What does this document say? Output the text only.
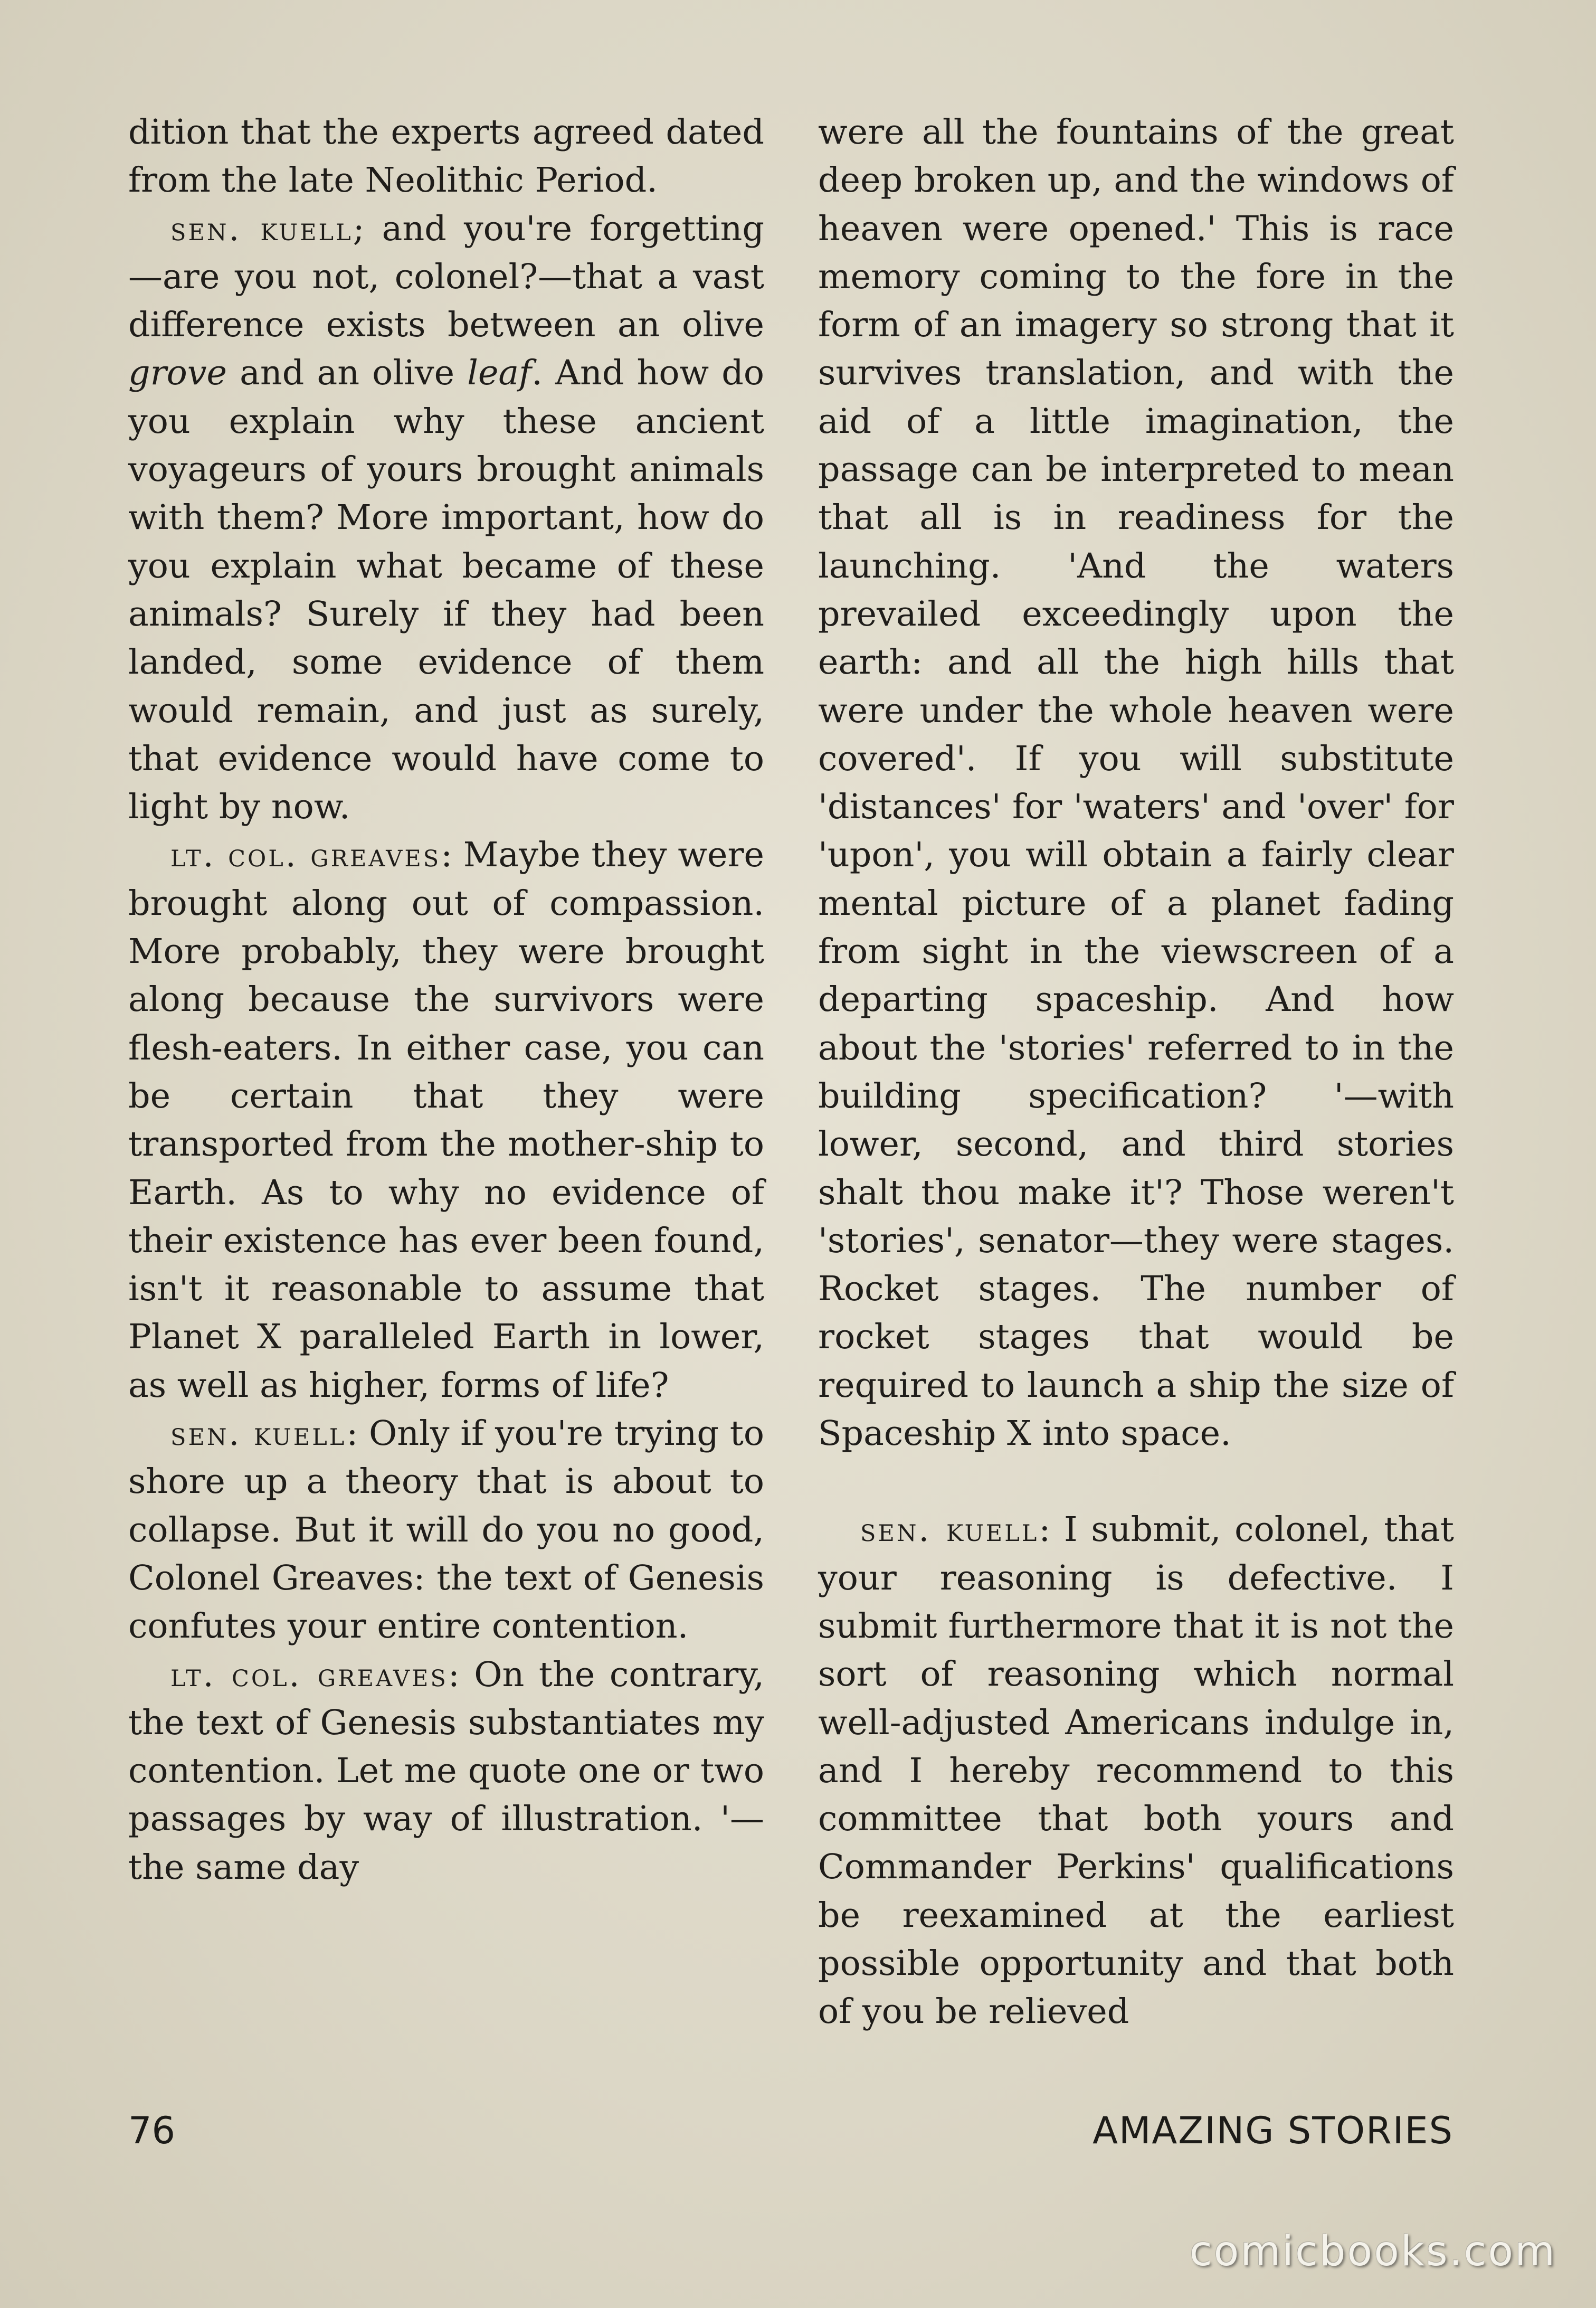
dition that the experts agreed dated from the late Neolithic Period.

sen. kuell; and you're forgetting—are you not, colonel?—that a vast difference exists between an olive grove and an olive leaf. And how do you explain why these ancient voyageurs of yours brought animals with them? More important, how do you explain what became of these animals? Surely if they had been landed, some evidence of them would remain, and just as surely, that evidence would have come to light by now.

lt. col. greaves: Maybe they were brought along out of compassion. More probably, they were brought along because the survivors were flesh-eaters. In either case, you can be certain that they were transported from the mother-ship to Earth. As to why no evidence of their existence has ever been found, isn't it reasonable to assume that Planet X paralleled Earth in lower, as well as higher, forms of life?

sen. kuell: Only if you're trying to shore up a theory that is about to collapse. But it will do you no good, Colonel Greaves: the text of Genesis confutes your entire contention.

lt. col. greaves: On the contrary, the text of Genesis substantiates my contention. Let me quote one or two passages by way of illustration. '—the same day

were all the fountains of the great deep broken up, and the windows of heaven were opened.' This is race memory coming to the fore in the form of an imagery so strong that it survives translation, and with the aid of a little imagination, the passage can be interpreted to mean that all is in readiness for the launching. 'And the waters prevailed exceedingly upon the earth: and all the high hills that were under the whole heaven were covered'. If you will substitute 'distances' for 'waters' and 'over' for 'upon', you will obtain a fairly clear mental picture of a planet fading from sight in the viewscreen of a departing spaceship. And how about the 'stories' referred to in the building specification? '—with lower, second, and third stories shalt thou make it'? Those weren't 'stories', senator—they were stages. Rocket stages. The number of rocket stages that would be required to launch a ship the size of Spaceship X into space.

sen. kuell: I submit, colonel, that your reasoning is defective. I submit furthermore that it is not the sort of reasoning which normal well-adjusted Americans indulge in, and I hereby recommend to this committee that both yours and Commander Perkins' qualifications be reexamined at the earliest possible opportunity and that both of you be relieved

76	AMAZING STORIES
comicbooks.com
